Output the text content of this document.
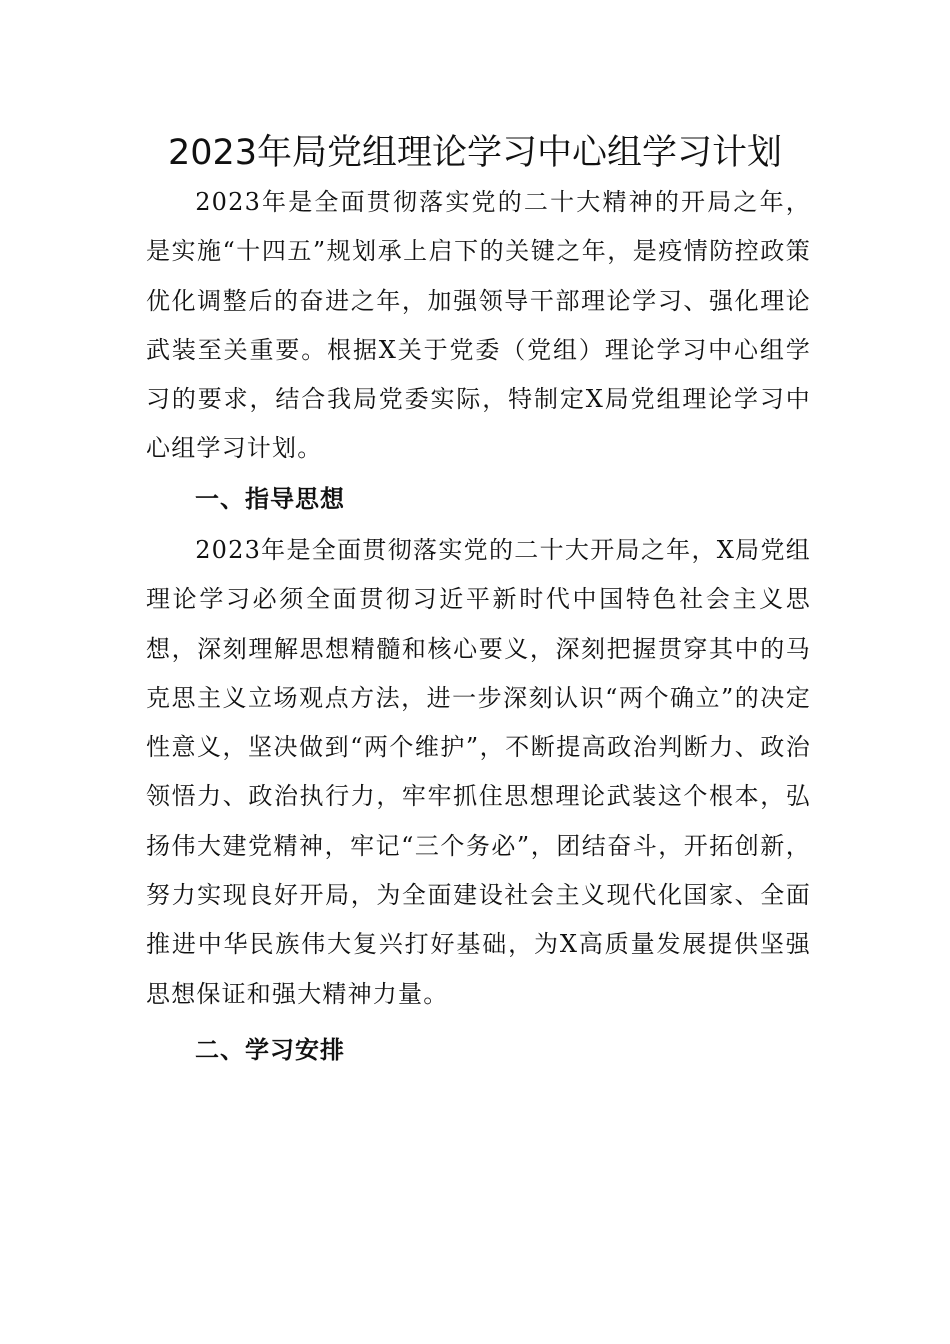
2023年局党组理论学习中心组学习计划

2023年是全面贯彻落实党的二十大精神的开局之年，是实施“十四五”规划承上启下的关键之年，是疫情防控政策优化调整后的奋进之年，加强领导干部理论学习、强化理论武装至关重要。根据X关于党委（党组）理论学习中心组学习的要求，结合我局党委实际，特制定X局党组理论学习中心组学习计划。

一、指导思想

2023年是全面贯彻落实党的二十大开局之年，X局党组理论学习必须全面贯彻习近平新时代中国特色社会主义思想，深刻理解思想精髓和核心要义，深刻把握贯穿其中的马克思主义立场观点方法，进一步深刻认识“两个确立”的决定性意义，坚决做到“两个维护”，不断提高政治判断力、政治领悟力、政治执行力，牢牢抓住思想理论武装这个根本，弘扬伟大建党精神，牢记“三个务必”，团结奋斗，开拓创新，努力实现良好开局，为全面建设社会主义现代化国家、全面推进中华民族伟大复兴打好基础，为X高质量发展提供坚强思想保证和强大精神力量。

二、学习安排
